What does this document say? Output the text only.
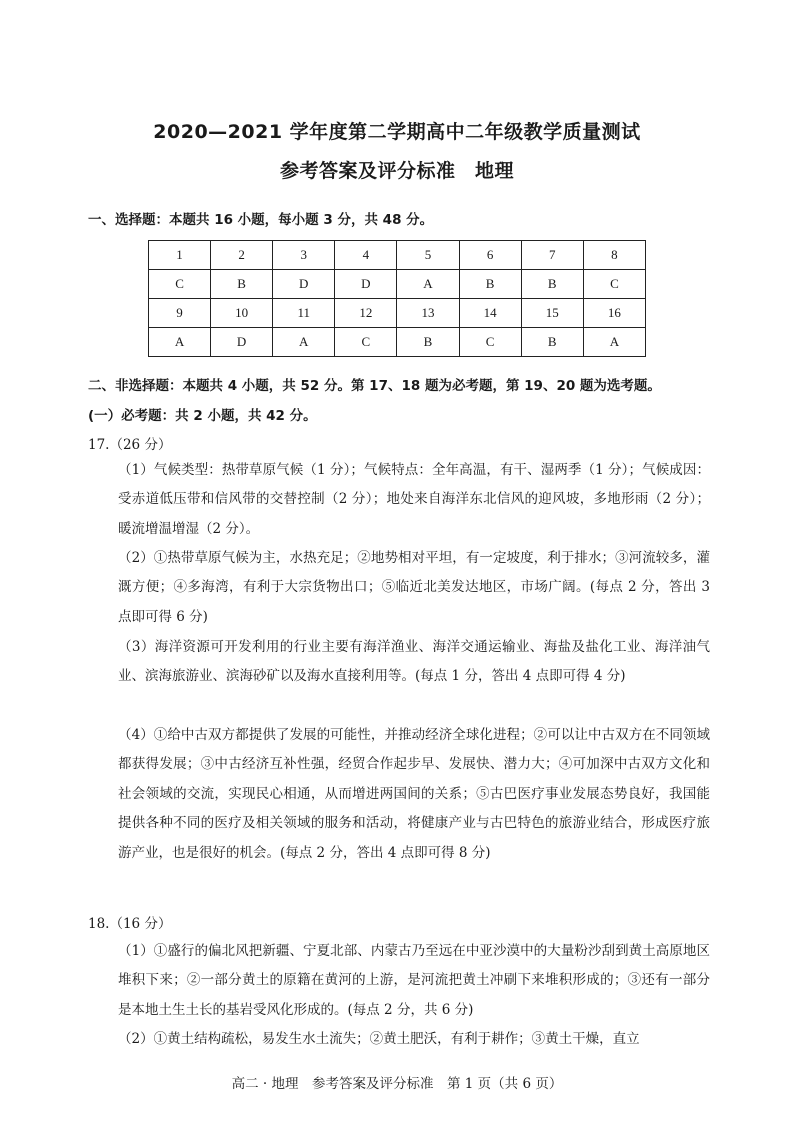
2020—2021 学年度第二学期高中二年级教学质量测试
参考答案及评分标准　地理
一、选择题：本题共 16 小题，每小题 3 分，共 48 分。
1	2	3	4	5	6	7	8
C	B	D	D	A	B	B	C
9	10	11	12	13	14	15	16
A	D	A	C	B	C	B	A
二、非选择题：本题共 4 小题，共 52 分。第 17、18 题为必考题，第 19、20 题为选考题。
(一）必考题：共 2 小题，共 42 分。
17.（26 分）
（1）气候类型：热带草原气候（1 分）；气候特点：全年高温，有干、湿两季（1 分）；气候成因：受赤道低压带和信风带的交替控制（2 分）；地处来自海洋东北信风的迎风坡，多地形雨（2 分）；暖流增温增湿（2 分）。
（2）①热带草原气候为主，水热充足；②地势相对平坦，有一定坡度，利于排水；③河流较多，灌溉方便；④多海湾，有利于大宗货物出口；⑤临近北美发达地区，市场广阔。(每点 2 分，答出 3 点即可得 6 分)
（3）海洋资源可开发利用的行业主要有海洋渔业、海洋交通运输业、海盐及盐化工业、海洋油气业、滨海旅游业、滨海砂矿以及海水直接利用等。(每点 1 分，答出 4 点即可得 4 分)
（4）①给中古双方都提供了发展的可能性，并推动经济全球化进程；②可以让中古双方在不同领域都获得发展；③中古经济互补性强，经贸合作起步早、发展快、潜力大；④可加深中古双方文化和社会领域的交流，实现民心相通，从而增进两国间的关系；⑤古巴医疗事业发展态势良好，我国能提供各种不同的医疗及相关领域的服务和活动，将健康产业与古巴特色的旅游业结合，形成医疗旅游产业，也是很好的机会。(每点 2 分，答出 4 点即可得 8 分)
18.（16 分）
（1）①盛行的偏北风把新疆、宁夏北部、内蒙古乃至远在中亚沙漠中的大量粉沙刮到黄土高原地区堆积下来；②一部分黄土的原籍在黄河的上游，是河流把黄土冲刷下来堆积形成的；③还有一部分是本地土生土长的基岩受风化形成的。(每点 2 分，共 6 分)
（2）①黄土结构疏松，易发生水土流失；②黄土肥沃，有利于耕作；③黄土干燥，直立
高二 · 地理　参考答案及评分标准　第 1 页（共 6 页）
